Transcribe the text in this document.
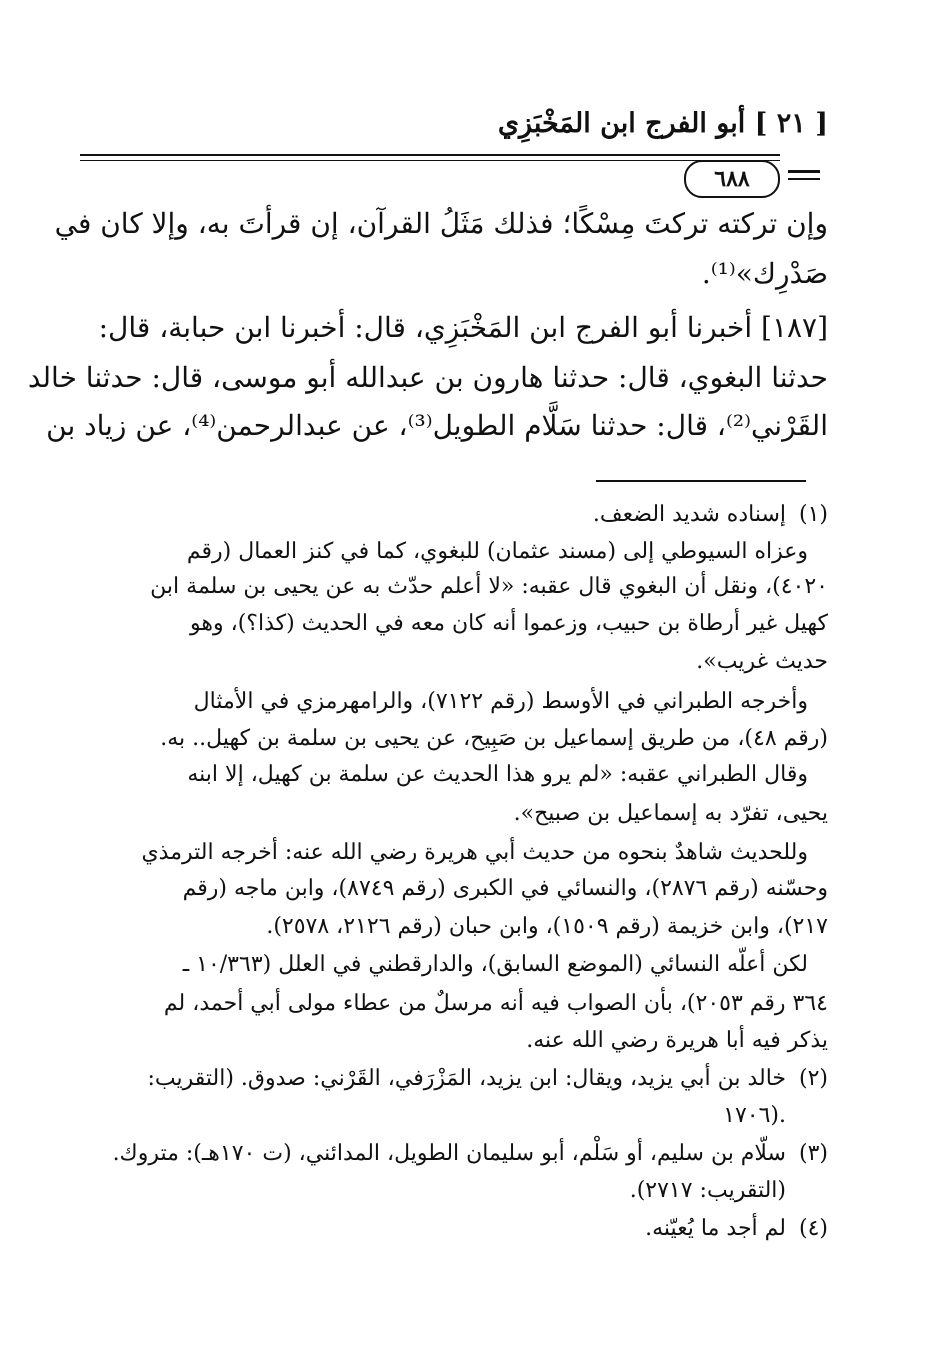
[ ٢١ ] أبو الفرج ابن المَخْبَزِي
٦٨٨
وإن تركته تركتَ مِسْكًا؛ فذلك مَثَلُ القرآن، إن قرأتَ به، وإلا كان في
صَدْرِك»⁽¹⁾.
[١٨٧] أخبرنا أبو الفرج ابن المَخْبَزِي، قال: أخبرنا ابن حبابة، قال:
حدثنا البغوي، قال: حدثنا هارون بن عبدالله أبو موسى، قال: حدثنا خالد
القَرْني⁽²⁾، قال: حدثنا سَلَّام الطويل⁽³⁾، عن عبدالرحمن⁽⁴⁾، عن زياد بن
(١)
إسناده شديد الضعف.
وعزاه السيوطي إلى (مسند عثمان) للبغوي، كما في كنز العمال (رقم
٤٠٢٠)، ونقل أن البغوي قال عقبه: «لا أعلم حدّث به عن يحيى بن سلمة ابن
كهيل غير أرطاة بن حبيب، وزعموا أنه كان معه في الحديث (كذا؟)، وهو
حديث غريب».
وأخرجه الطبراني في الأوسط (رقم ٧١٢٢)، والرامهرمزي في الأمثال
(رقم ٤٨)، من طريق إسماعيل بن صَبِيح، عن يحيى بن سلمة بن كهيل.. به.
وقال الطبراني عقبه: «لم يرو هذا الحديث عن سلمة بن كهيل، إلا ابنه
يحيى، تفرّد به إسماعيل بن صبيح».
وللحديث شاهدٌ بنحوه من حديث أبي هريرة رضي الله عنه: أخرجه الترمذي
وحسّنه (رقم ٢٨٧٦)، والنسائي في الكبرى (رقم ٨٧٤٩)، وابن ماجه (رقم
٢١٧)، وابن خزيمة (رقم ١٥٠٩)، وابن حبان (رقم ٢١٢٦، ٢٥٧٨).
لكن أعلّه النسائي (الموضع السابق)، والدارقطني في العلل (١٠/٣٦٣ ـ
٣٦٤ رقم ٢٠٥٣)، بأن الصواب فيه أنه مرسلٌ من عطاء مولى أبي أحمد، لم
يذكر فيه أبا هريرة رضي الله عنه.
(٢)
خالد بن أبي يزيد، ويقال: ابن يزيد، المَزْرَفي، القَرْني: صدوق. (التقريب:
١٧٠٦).
(٣)
سلّام بن سليم، أو سَلْم، أبو سليمان الطويل، المدائني، (ت ١٧٠هـ): متروك.
(التقريب: ٢٧١٧).
(٤)
لم أجد ما يُعيّنه.
